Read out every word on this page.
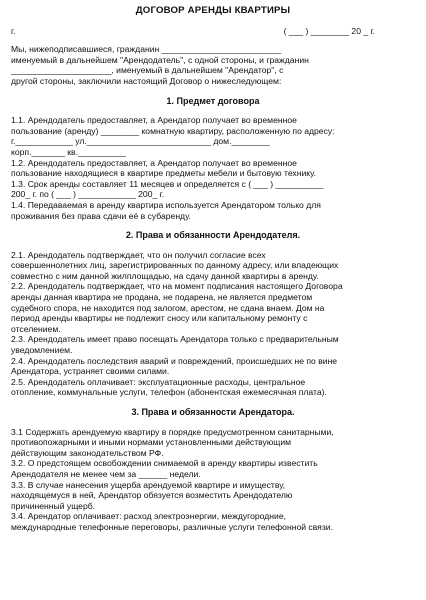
ДОГОВОР АРЕНДЫ КВАРТИРЫ
г.	( ___ ) ________ 20 _ г.

Мы, нижеподписавшиеся, гражданин _________________________

именуемый в дальнейшем "Арендодатель", с одной стороны, и гражданин

_____________________, именуемый в дальнейшем "Арендатор", с

другой стороны, заключили настоящий Договор о нижеследующем:

1. Предмет договора

1.1. Арендодатель предоставляет, а Арендатор получает во временное

пользование (аренду) ________ комнатную квартиру, расположенную по адресу:

г.____________ ул.__________________________ дом.________

корп._______ кв.__________

1.2. Арендодатель предоставляет, а Арендатор получает во временное

пользование находящиеся в квартире предметы мебели и бытовую технику.

1.3. Срок аренды составляет 11 месяцев и определяется с ( ___ ) __________

200_ г. по ( ___ ) ____________ 200_ г.

1.4. Передаваемая в аренду квартира используется Арендатором только для

проживания без права сдачи её в субаренду.

2. Права и обязанности Арендодателя.

2.1. Арендодатель подтверждает, что он получил согласие всех

совершеннолетних лиц, зарегистрированных по данному адресу, или владеющих

совместно с ним данной жилплощадью, на сдачу данной квартиры в аренду.

2.2. Арендодатель подтверждает, что на момент подписания настоящего Договора

аренды данная квартира не продана, не подарена, не является предметом

судебного спора, не находится под залогом, арестом, не сдана внаем. Дом на

период аренды квартиры не подлежит сносу или капитальному ремонту с

отселением.

2.3. Арендодатель имеет право посещать Арендатора только с предварительным

уведомлением.

2.4. Арендодатель последствия аварий и повреждений, происшедших не по вине

Арендатора, устраняет своими силами.

2.5. Арендодатель оплачивает: эксплуатационные расходы, центральное

отопление, коммунальные услуги, телефон (абонентская ежемесячная плата).

3. Права и обязанности Арендатора.

3.1 Содержать арендуемую квартиру в порядке предусмотренном санитарными,

противопожарными и иными нормами установленными действующим

действующим законодательством РФ.

3.2. О предстоящем освобождении снимаемой в аренду квартиры известить

Арендодателя не менее чем за ______ недели.

3.3. В случае нанесения ущерба арендуемой квартире и имуществу,

находящемуся в ней, Арендатор обязуется возместить Арендодателю

причиненный ущерб.

3.4. Арендатор оплачивает: расход электроэнергии, междугородние,

международные телефонные переговоры, различные услуги телефонной связи.
